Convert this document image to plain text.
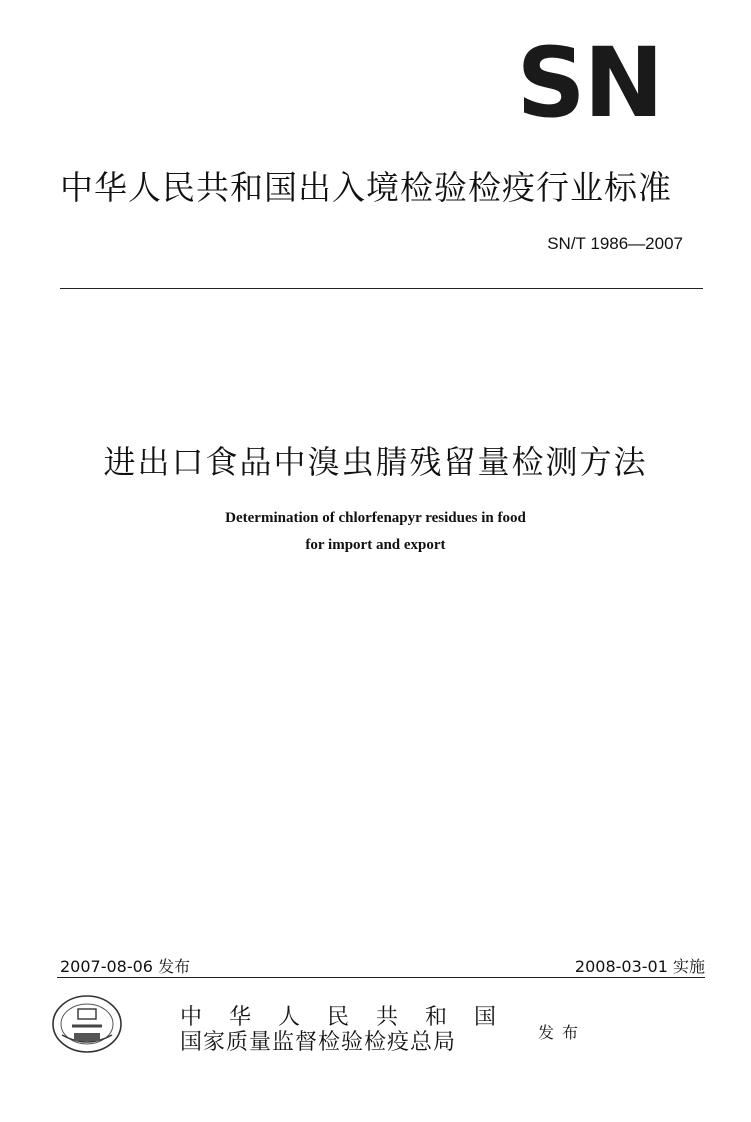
SN
中华人民共和国出入境检验检疫行业标准
SN/T 1986—2007
进出口食品中溴虫腈残留量检测方法
Determination of chlorfenapyr residues in food
for import and export
2007-08-06 发布	2008-03-01 实施
中华人民共和国
国家质量监督检验检疫总局	发布
